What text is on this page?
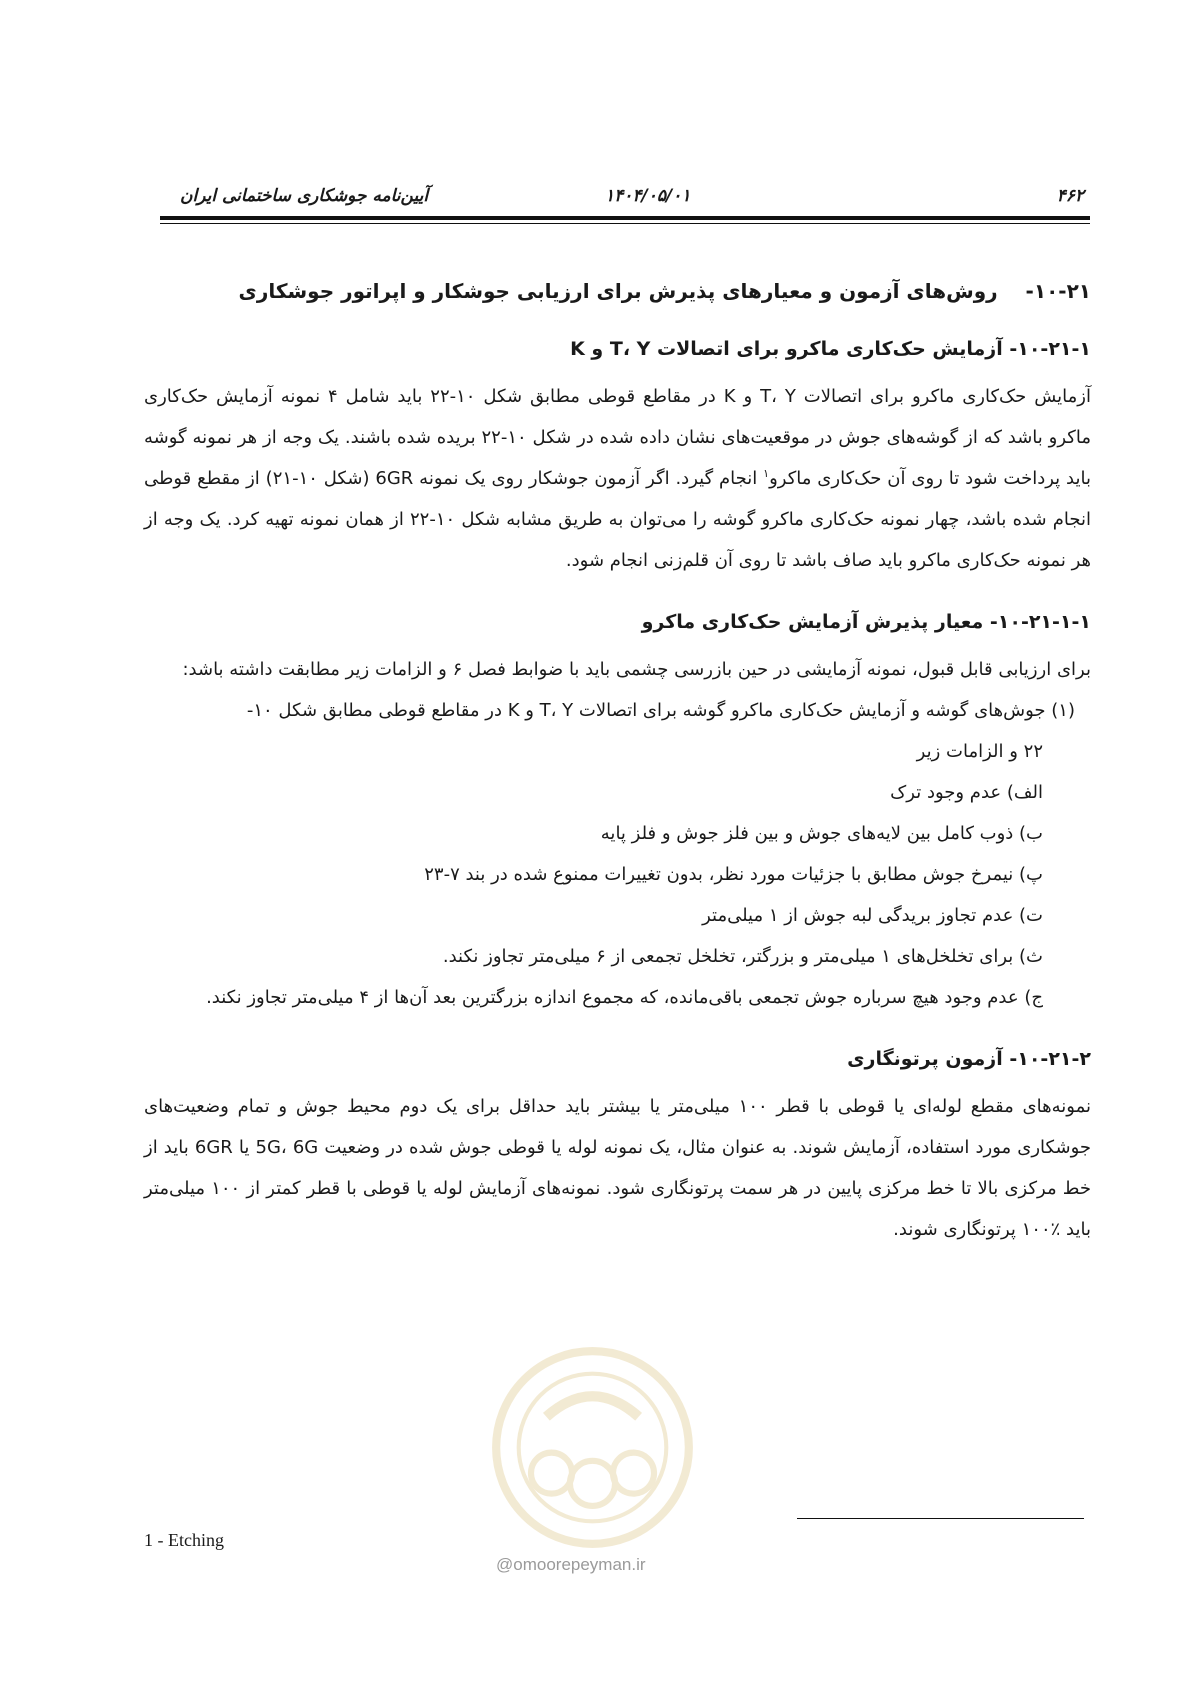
۴۶۲
۱۴۰۴/۰۵/۰۱
آیین‌نامه جوشکاری ساختمانی ایران
۱۰-۲۱-    روش‌های آزمون و معیارهای پذیرش برای ارزیابی جوشکار و اپراتور جوشکاری
۱۰-۲۱-۱- آزمایش حک‌کاری ماکرو برای اتصالات T، Y و K

آزمایش حک‌کاری ماکرو برای اتصالات T، Y و K در مقاطع قوطی مطابق شکل ۱۰-۲۲ باید شامل ۴ نمونه آزمایش حک‌کاری ماکرو باشد که از گوشه‌های جوش در موقعیت‌های نشان داده شده در شکل ۱۰-۲۲ بریده شده باشند. یک وجه از هر نمونه گوشه باید پرداخت شود تا روی آن حک‌کاری ماکرو$^۱$ انجام گیرد. اگر آزمون جوشکار روی یک نمونه 6GR (شکل ۱۰-۲۱) از مقطع قوطی انجام شده باشد، چهار نمونه حک‌کاری ماکرو گوشه را می‌توان به طریق مشابه شکل ۱۰-۲۲ از همان نمونه تهیه کرد. یک وجه از هر نمونه حک‌کاری ماکرو باید صاف باشد تا روی آن قلم‌زنی انجام شود.

۱۰-۲۱-۱-۱- معیار پذیرش آزمایش حک‌کاری ماکرو

برای ارزیابی قابل قبول، نمونه آزمایشی در حین بازرسی چشمی باید با ضوابط فصل ۶ و الزامات زیر مطابقت داشته باشد:

(۱) جوش‌های گوشه و آزمایش حک‌کاری ماکرو گوشه برای اتصالات T، Y و K در مقاطع قوطی مطابق شکل ۱۰-

۲۲ و الزامات زیر

الف) عدم وجود ترک

ب) ذوب کامل بین لایه‌های جوش و بین فلز جوش و فلز پایه

پ) نیمرخ جوش مطابق با جزئیات مورد نظر، بدون تغییرات ممنوع شده در بند ۷-۲۳

ت) عدم تجاوز بریدگی لبه جوش از ۱ میلی‌متر

ث) برای تخلخل‌های ۱ میلی‌متر و بزرگتر، تخلخل تجمعی از ۶ میلی‌متر تجاوز نکند.

ج) عدم وجود هیچ سرباره جوش تجمعی باقی‌مانده، که مجموع اندازه بزرگترین بعد آن‌ها از ۴ میلی‌متر تجاوز نکند.

۱۰-۲۱-۲- آزمون پرتونگاری

نمونه‌های مقطع لوله‌ای یا قوطی با قطر ۱۰۰ میلی‌متر یا بیشتر باید حداقل برای یک دوم محیط جوش و تمام وضعیت‌های جوشکاری مورد استفاده، آزمایش شوند. به عنوان مثال، یک نمونه لوله یا قوطی جوش شده در وضعیت 5G، 6G یا 6GR باید از خط مرکزی بالا تا خط مرکزی پایین در هر سمت پرتونگاری شود. نمونه‌های آزمایش لوله یا قوطی با قطر کمتر از ۱۰۰ میلی‌متر باید ٪۱۰۰ پرتونگاری شوند.

@omoorepeyman.ir
1 - Etching
